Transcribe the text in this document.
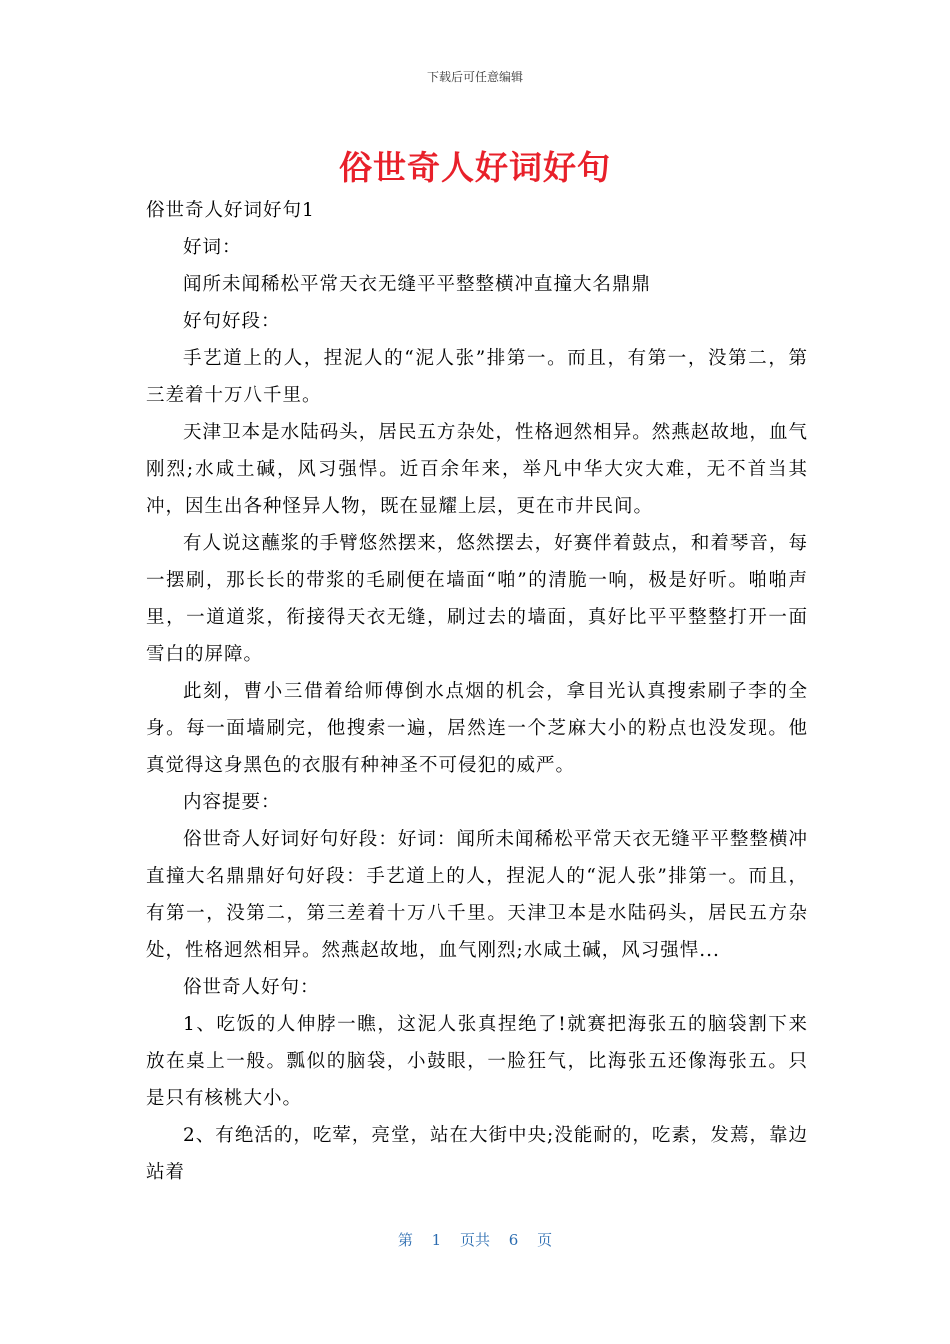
下载后可任意编辑
俗世奇人好词好句

俗世奇人好词好句1

好词：

闻所未闻稀松平常天衣无缝平平整整横冲直撞大名鼎鼎

好句好段：

手艺道上的人，捏泥人的“泥人张”排第一。而且，有第一，没第二，第三差着十万八千里。

天津卫本是水陆码头，居民五方杂处，性格迥然相异。然燕赵故地，血气刚烈;水咸土碱，风习强悍。近百余年来，举凡中华大灾大难，无不首当其冲，因生出各种怪异人物，既在显耀上层，更在市井民间。

有人说这蘸浆的手臂悠然摆来，悠然摆去，好赛伴着鼓点，和着琴音，每一摆刷，那长长的带浆的毛刷便在墙面“啪”的清脆一响，极是好听。啪啪声里，一道道浆，衔接得天衣无缝，刷过去的墙面，真好比平平整整打开一面雪白的屏障。

此刻，曹小三借着给师傅倒水点烟的机会，拿目光认真搜索刷子李的全身。每一面墙刷完，他搜索一遍，居然连一个芝麻大小的粉点也没发现。他真觉得这身黑色的衣服有种神圣不可侵犯的威严。

内容提要：

俗世奇人好词好句好段：好词：闻所未闻稀松平常天衣无缝平平整整横冲直撞大名鼎鼎好句好段：手艺道上的人，捏泥人的“泥人张”排第一。而且，有第一，没第二，第三差着十万八千里。天津卫本是水陆码头，居民五方杂处，性格迥然相异。然燕赵故地，血气刚烈;水咸土碱，风习强悍...

俗世奇人好句：

1、吃饭的人伸脖一瞧，这泥人张真捏绝了!就赛把海张五的脑袋割下来放在桌上一般。瓢似的脑袋，小鼓眼，一脸狂气，比海张五还像海张五。只是只有核桃大小。

2、有绝活的，吃荤，亮堂，站在大街中央;没能耐的，吃素，发蔫，靠边站着

第 1 页共 6 页
